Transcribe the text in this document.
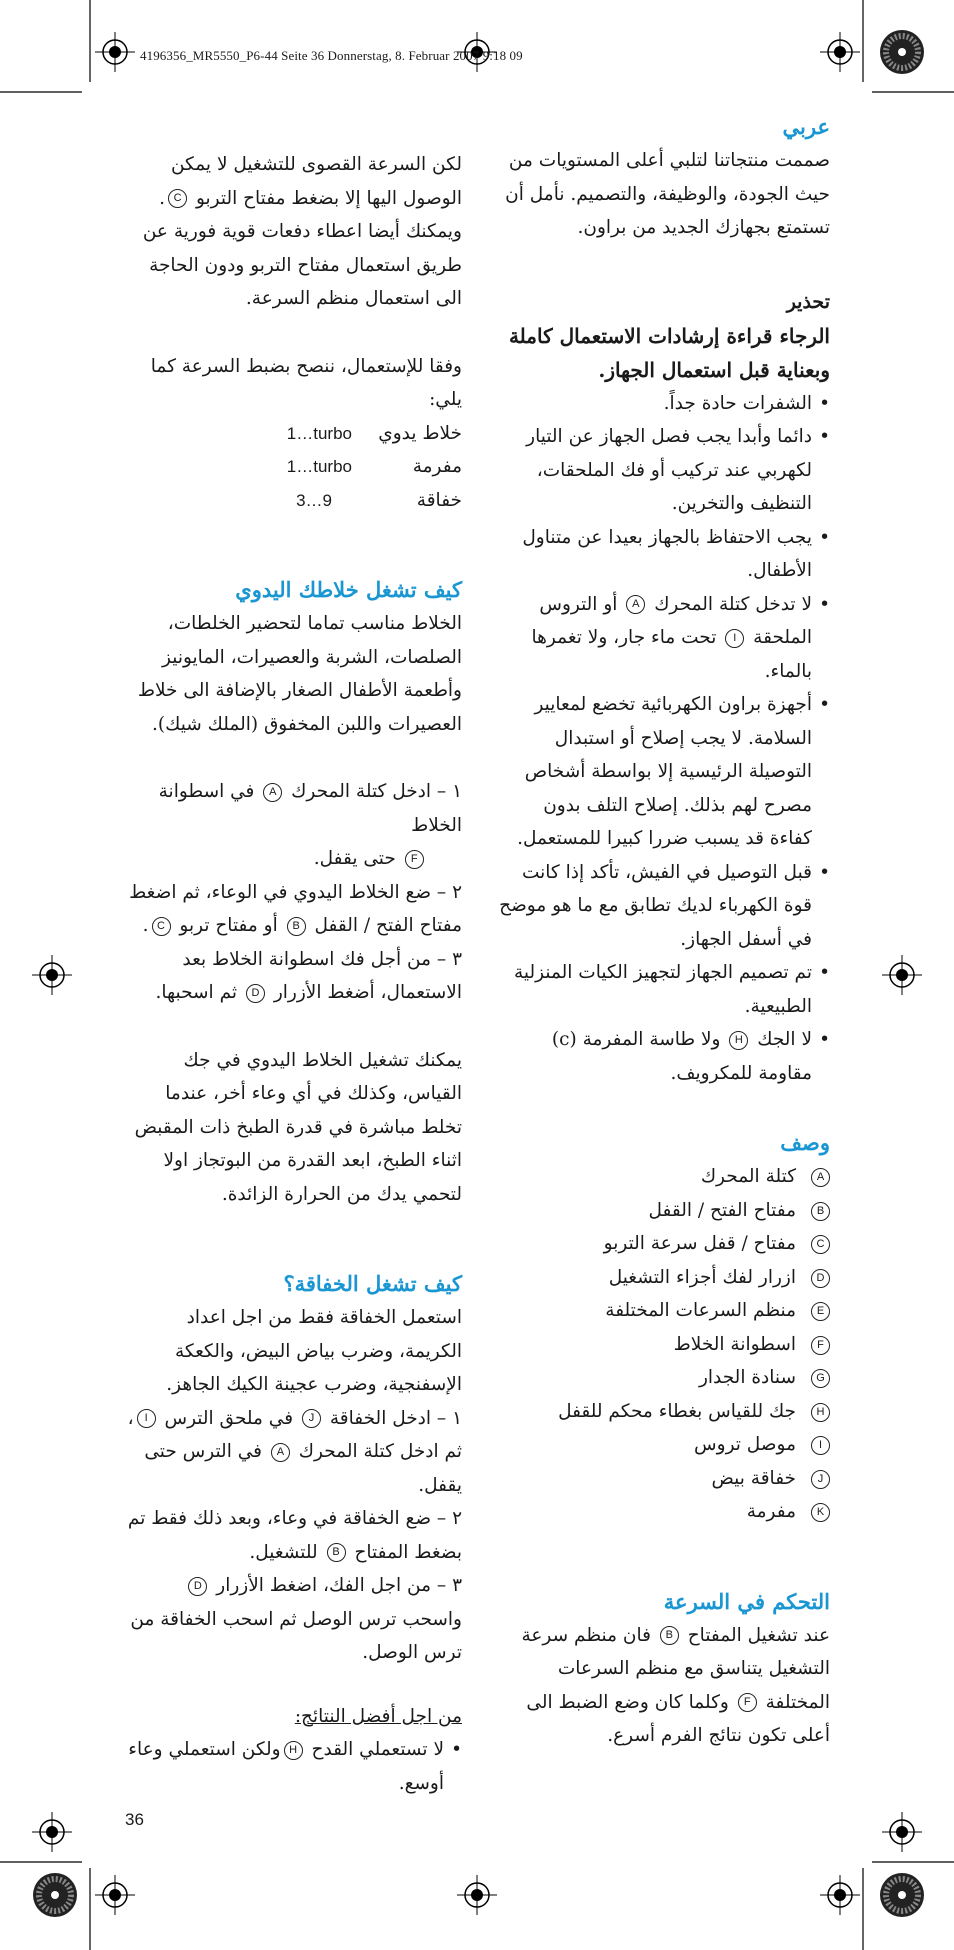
4196356_MR5550_P6-44 Seite 36 Donnerstag, 8. Februar 2007 9:18 09

عربي

صممت منتجاتنا لتلبي أعلى المستويات من حيث الجودة، والوظيفة، والتصميم. نأمل أن تستمتع بجهازك الجديد من براون.

تحذير

الرجاء قراءة إرشادات الاستعمال كاملة وبعناية قبل استعمال الجهاز.

• الشفرات حادة جداً.
• دائما وأبدا يجب فصل الجهاز عن التيار لكهربي عند تركيب أو فك الملحقات، التنظيف والتخرين.
• يجب الاحتفاظ بالجهاز بعيدا عن متناول الأطفال.
• لا تدخل كتلة المحرك A أو التروس الملحقة I تحت ماء جار، ولا تغمرها بالماء.
• أجهزة براون الكهربائية تخضع لمعايير السلامة. لا يجب إصلاح أو استبدال التوصيلة الرئيسية إلا بواسطة أشخاص مصرح لهم بذلك. إصلاح التلف بدون كفاءة قد يسبب ضررا كبيرا للمستعمل.
• قبل التوصيل في الفيش، تأكد إذا كانت قوة الكهرباء لديك تطابق مع ما هو موضح في أسفل الجهاز.
• تم تصميم الجهاز لتجهيز الكيات المنزلية الطبيعية.
• لا الجك H ولا طاسة المفرمة (c) مقاومة للمكرويف.

وصف

A
كتلة المحرك
B
مفتاح الفتح / القفل
C
مفتاح / قفل سرعة التربو
D
ازرار لفك أجزاء التشغيل
E
منظم السرعات المختلفة
F
اسطوانة الخلاط
G
سنادة الجدار
H
جك للقياس بغطاء محكم للقفل
I
موصل تروس
J
خفاقة بيض
K
مفرمة

التحكم في السرعة

عند تشغيل المفتاح B فان منظم سرعة التشغيل يتناسق مع منظم السرعات المختلفة F وكلما كان وضع الضبط الى أعلى تكون نتائج الفرم أسرع.

لكن السرعة القصوى للتشغيل لا يمكن الوصول اليها إلا بضغط مفتاح التربو C. ويمكنك أيضا اعطاء دفعات قوية فورية عن طريق استعمال مفتاح التربو ودون الحاجة الى استعمال منظم السرعة.

وفقا للإستعمال، ننصح بضبط السرعة كما يلي:

خلاط يدوي
1…turbo
مفرمة
1…turbo
خفاقة
3…9

كيف تشغل خلاطك اليدوي

الخلاط مناسب تماما لتحضير الخلطات، الصلصات، الشربة والعصيرات، المايونيز وأطعمة الأطفال الصغار بالإضافة الى خلاط العصيرات واللبن المخفوق (الملك شيك).

١ – ادخل كتلة المحرك A في اسطوانة الخلاط
F حتى يقفل.
٢ – ضع الخلاط اليدوي في الوعاء، ثم اضغط مفتاح الفتح / القفل B أو مفتاح تربو C.
٣ – من أجل فك اسطوانة الخلاط بعد الاستعمال، أضغط الأزرار D ثم اسحبها.

يمكنك تشغيل الخلاط اليدوي في جك القياس، وكذلك في أي وعاء أخر، عندما تخلط مباشرة في قدرة الطبخ ذات المقبض اثناء الطبخ، ابعد القدرة من البوتجاز اولا لتحمي يدك من الحرارة الزائدة.

كيف تشغل الخفاقة؟

استعمل الخفاقة فقط من اجل اعداد الكريمة، وضرب بياض البيض، والكعكة الإسفنجية، وضرب عجينة الكيك الجاهز.

١ – ادخل الخفاقة J في ملحق الترس I، ثم ادخل كتلة المحرك A في الترس حتى يقفل.
٢ – ضع الخفاقة في وعاء، وبعد ذلك فقط تم بضغط المفتاح B للتشغيل.
٣ – من اجل الفك، اضغط الأزرار D واسحب ترس الوصل ثم اسحب الخفاقة من ترس الوصل.

من اجل أفضل النتائج:

• لا تستعملي القدح Hولكن استعملي وعاء أوسع.
36
